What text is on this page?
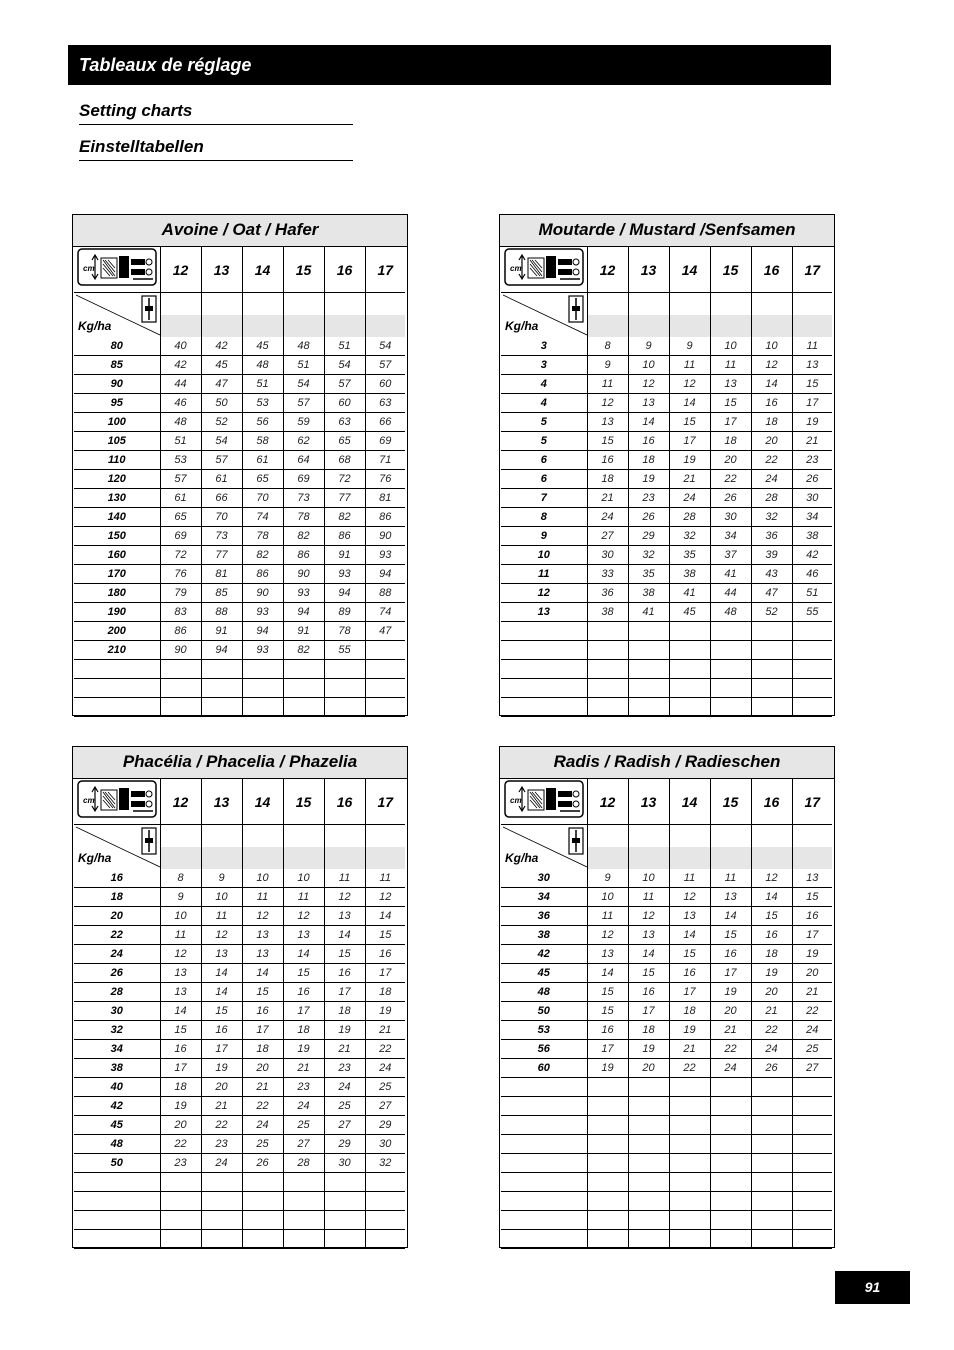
Tableaux de réglage
Setting charts
Einstelltabellen
Avoine / Oat / Hafer
cm	12	13	14	15	16	17

Kg/ha						

80	40	42	45	48	51	54
85	42	45	48	51	54	57
90	44	47	51	54	57	60
95	46	50	53	57	60	63
100	48	52	56	59	63	66
105	51	54	58	62	65	69
110	53	57	61	64	68	71
120	57	61	65	69	72	76
130	61	66	70	73	77	81
140	65	70	74	78	82	86
150	69	73	78	82	86	90
160	72	77	82	86	91	93
170	76	81	86	90	93	94
180	79	85	90	93	94	88
190	83	88	93	94	89	74
200	86	91	94	91	78	47
210	90	94	93	82	55	

Moutarde / Mustard /Senfsamen
cm	12	13	14	15	16	17

Kg/ha						

3	8	9	9	10	10	11
3	9	10	11	11	12	13
4	11	12	12	13	14	15
4	12	13	14	15	16	17
5	13	14	15	17	18	19
5	15	16	17	18	20	21
6	16	18	19	20	22	23
6	18	19	21	22	24	26
7	21	23	24	26	28	30
8	24	26	28	30	32	34
9	27	29	32	34	36	38
10	30	32	35	37	39	42
11	33	35	38	41	43	46
12	36	38	41	44	47	51
13	38	41	45	48	52	55

Phacélia / Phacelia / Phazelia
cm	12	13	14	15	16	17

Kg/ha						

16	8	9	10	10	11	11
18	9	10	11	11	12	12
20	10	11	12	12	13	14
22	11	12	13	13	14	15
24	12	13	13	14	15	16
26	13	14	14	15	16	17
28	13	14	15	16	17	18
30	14	15	16	17	18	19
32	15	16	17	18	19	21
34	16	17	18	19	21	22
38	17	19	20	21	23	24
40	18	20	21	23	24	25
42	19	21	22	24	25	27
45	20	22	24	25	27	29
48	22	23	25	27	29	30
50	23	24	26	28	30	32

Radis / Radish / Radieschen
cm	12	13	14	15	16	17

Kg/ha						

30	9	10	11	11	12	13
34	10	11	12	13	14	15
36	11	12	13	14	15	16
38	12	13	14	15	16	17
42	13	14	15	16	18	19
45	14	15	16	17	19	20
48	15	16	17	19	20	21
50	15	17	18	20	21	22
53	16	18	19	21	22	24
56	17	19	21	22	24	25
60	19	20	22	24	26	27

91
